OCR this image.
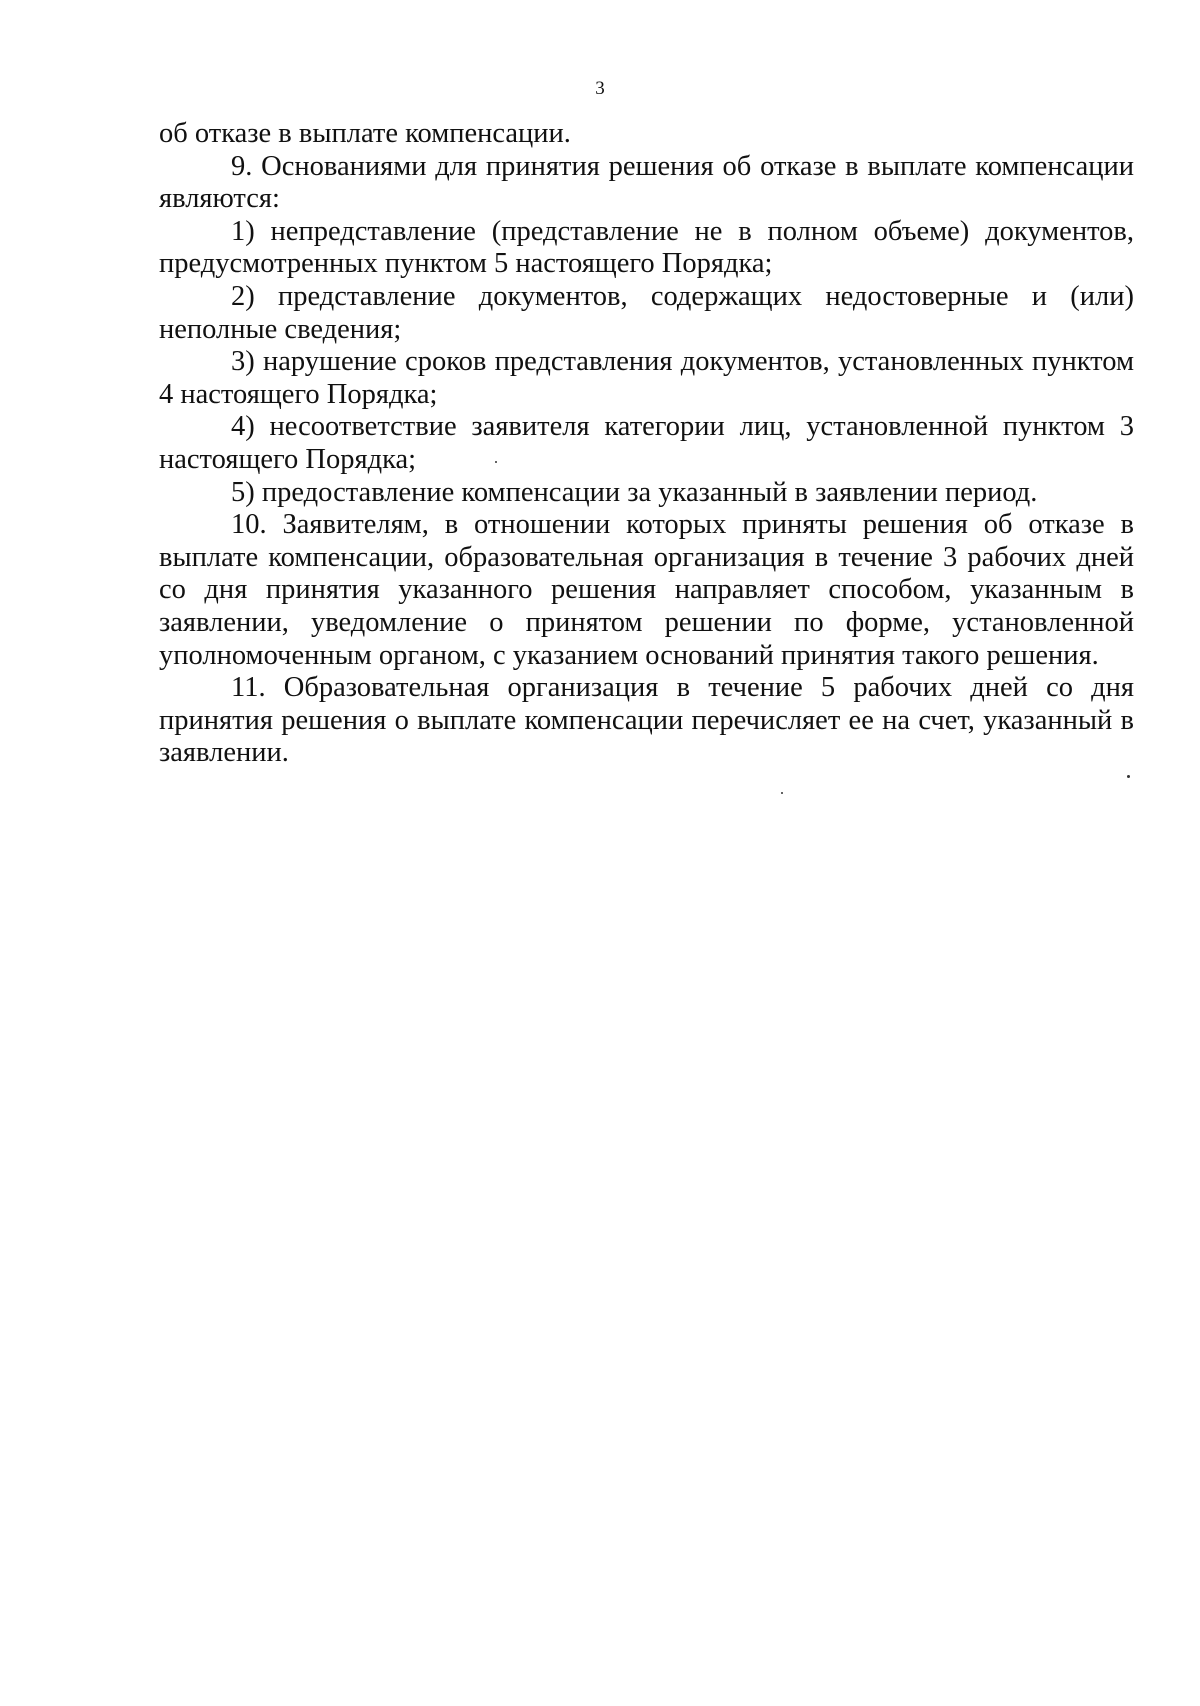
3

об отказе в выплате компенсации.

9. Основаниями для принятия решения об отказе в выплате компенсации являются:

1) непредставление (представление не в полном объеме) документов, предусмотренных пунктом 5 настоящего Порядка;

2) представление документов, содержащих недостоверные и (или) неполные сведения;

3) нарушение сроков представления документов, установленных пунктом 4 настоящего Порядка;

4) несоответствие заявителя категории лиц, установленной пунктом 3 настоящего Порядка;

5) предоставление компенсации за указанный в заявлении период.

10. Заявителям, в отношении которых приняты решения об отказе в выплате компенсации, образовательная организация в течение 3 рабочих дней со дня принятия указанного решения направляет способом, указанным в заявлении, уведомление о принятом решении по форме, установленной уполномоченным органом, с указанием оснований принятия такого решения.

11. Образовательная организация в течение 5 рабочих дней со дня принятия решения о выплате компенсации перечисляет ее на счет, указанный в заявлении.
